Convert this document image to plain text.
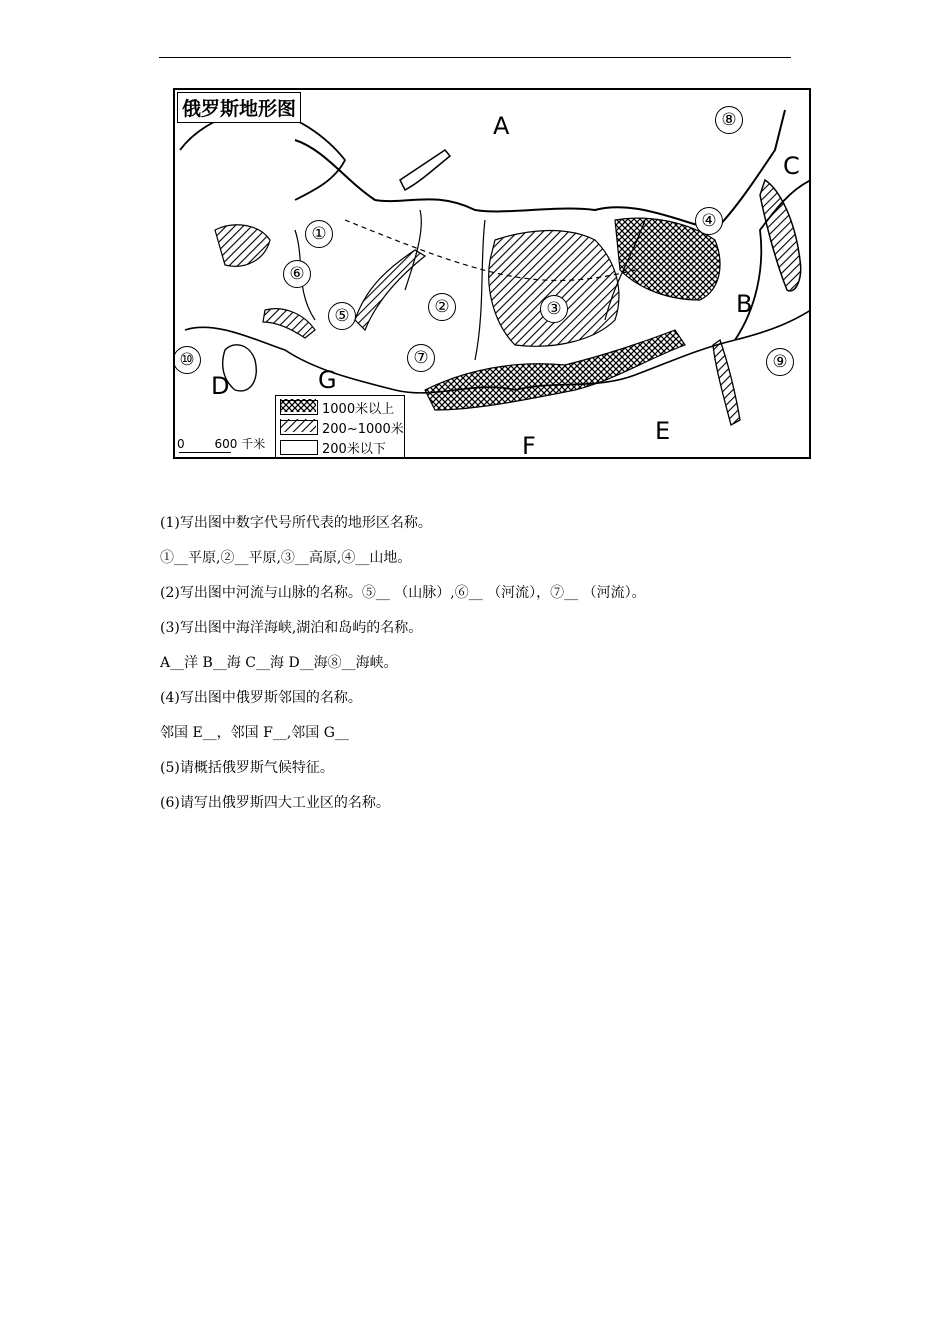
俄罗斯地形图
A
B
C
D
E
F
G
①
②	③
④
⑤
⑥
⑦
⑧
⑨
⑩
1000米以上
200~1000米
200米以下
0 600 千米
(1)写出图中数字代号所代表的地形区名称。
①__平原,②__平原,③__高原,④__山地。
(2)写出图中河流与山脉的名称。⑤__ （山脉）,⑥__ （河流），⑦__ （河流）。
(3)写出图中海洋海峡,湖泊和岛屿的名称。
A__洋 B__海 C__海 D__海⑧__海峡。
(4)写出图中俄罗斯邻国的名称。
邻国 E__，邻国 F__,邻国 G__
(5)请概括俄罗斯气候特征。
(6)请写出俄罗斯四大工业区的名称。
